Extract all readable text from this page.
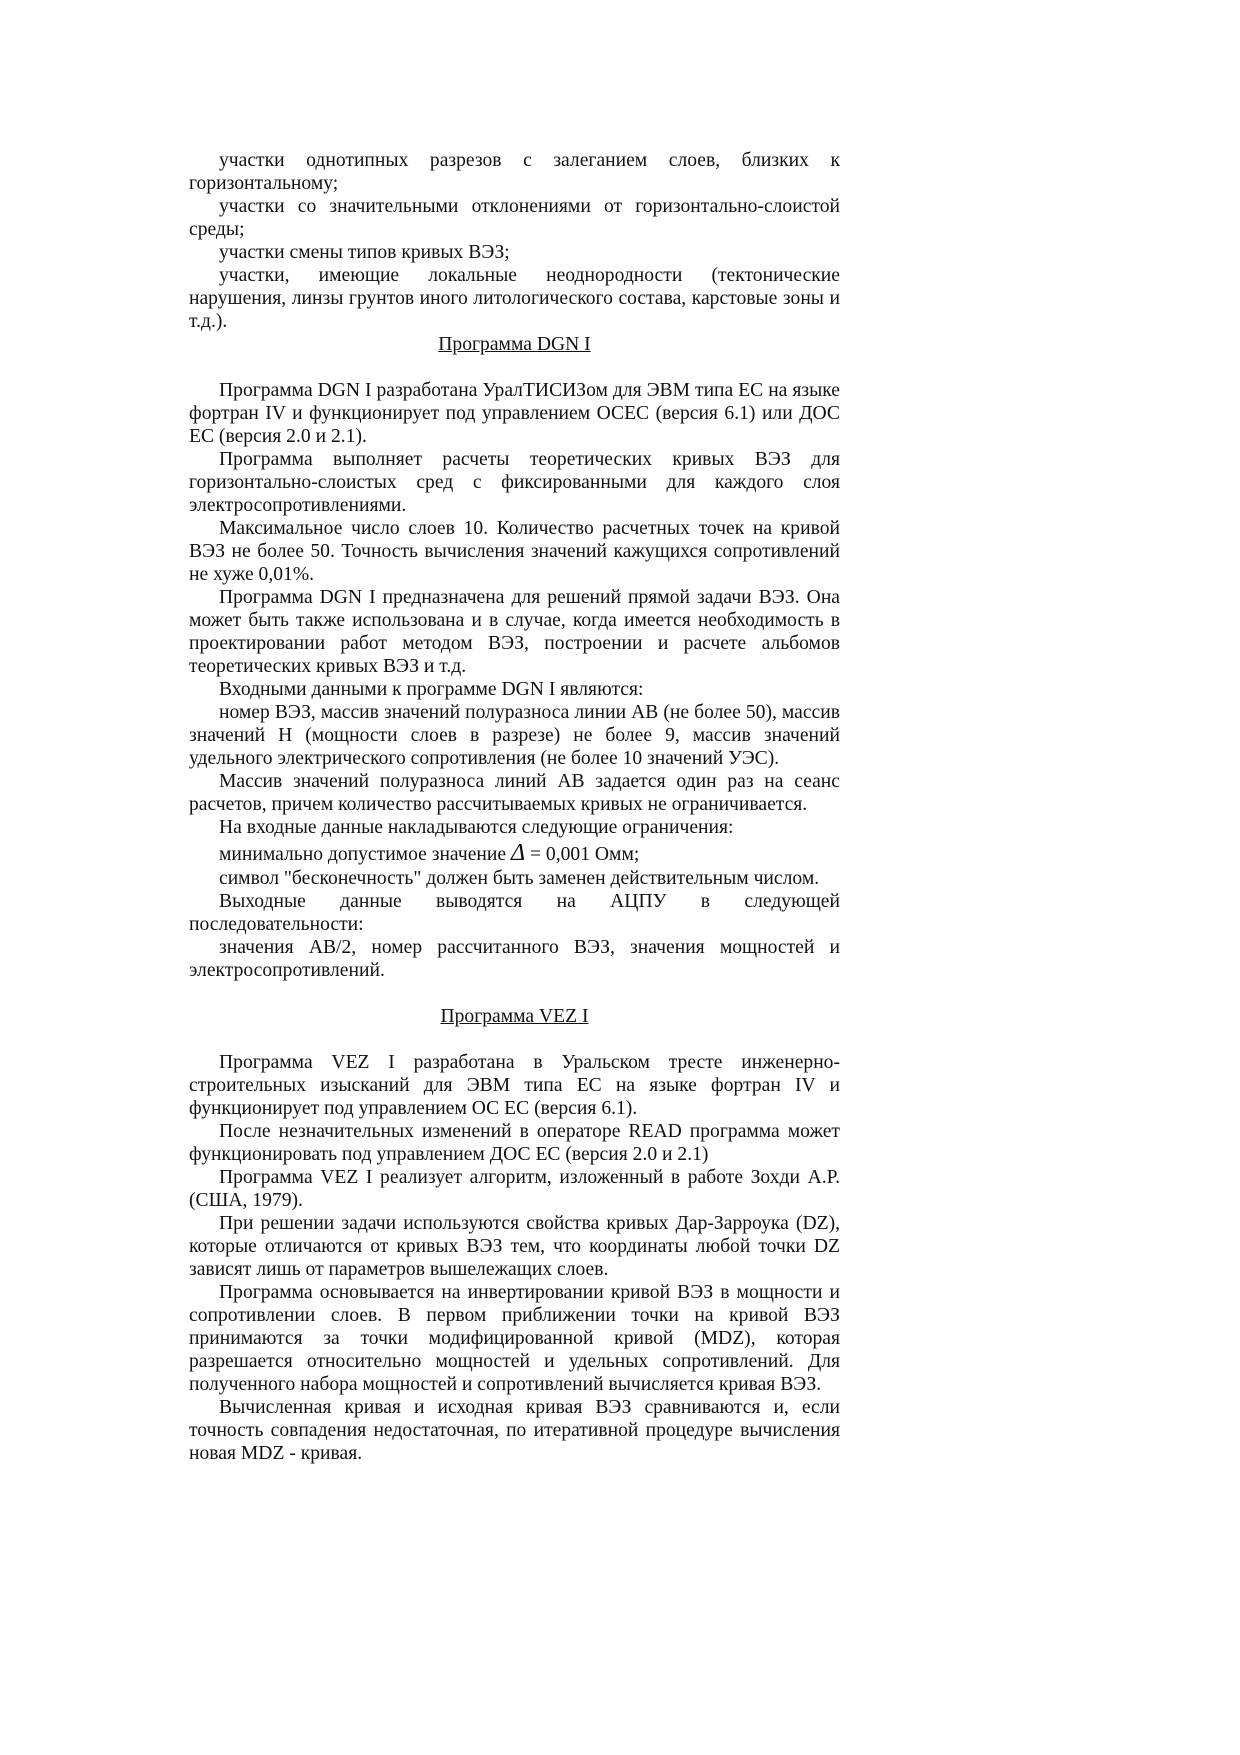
участки однотипных разрезов с залеганием слоев, близких к горизонтальному;

участки со значительными отклонениями от горизонтально-слоистой среды;

участки смены типов кривых ВЭЗ;

участки, имеющие локальные неоднородности (тектонические нарушения, линзы грунтов иного литологического состава, карстовые зоны и т.д.).

Программа DGN I

Программа DGN I разработана УралТИСИЗом для ЭВМ типа ЕС на языке фортран IV и функционирует под управлением ОСЕС (версия 6.1) или ДОС ЕС (версия 2.0 и 2.1).

Программа выполняет расчеты теоретических кривых ВЭЗ для горизонтально-слоистых сред с фиксированными для каждого слоя электросопротивлениями.

Максимальное число слоев 10. Количество расчетных точек на кривой ВЭЗ не более 50. Точность вычисления значений кажущихся сопротивлений не хуже 0,01%.

Программа DGN I предназначена для решений прямой задачи ВЭЗ. Она может быть также использована и в случае, когда имеется необходимость в проектировании работ методом ВЭЗ, построении и расчете альбомов теоретических кривых ВЭЗ и т.д.

Входными данными к программе DGN I являются:

номер ВЭЗ, массив значений полуразноса линии АВ (не более 50), массив значений Н (мощности слоев в разрезе) не более 9, массив значений удельного электрического сопротивления (не более 10 значений УЭС).

Массив значений полуразноса линий АВ задается один раз на сеанс расчетов, причем количество рассчитываемых кривых не ограничивается.

На входные данные накладываются следующие ограничения:

минимально допустимое значение Δ = 0,001 Омм;

символ "бесконечность" должен быть заменен действительным числом.

Выходные данные выводятся на АЦПУ в следующей последовательности:

значения АВ/2, номер рассчитанного ВЭЗ, значения мощностей и электросопротивлений.

Программа VEZ I

Программа VEZ I разработана в Уральском тресте инженерно-строительных изысканий для ЭВМ типа ЕС на языке фортран IV и функционирует под управлением ОС ЕС (версия 6.1).

После незначительных изменений в операторе READ программа может функционировать под управлением ДОС ЕС (версия 2.0 и 2.1)

Программа VEZ I реализует алгоритм, изложенный в работе Зохди А.Р. (США, 1979).

При решении задачи используются свойства кривых Дар-Зарроука (DZ), которые отличаются от кривых ВЭЗ тем, что координаты любой точки DZ зависят лишь от параметров вышележащих слоев.

Программа основывается на инвертировании кривой ВЭЗ в мощности и сопротивлении слоев. В первом приближении точки на кривой ВЭЗ принимаются за точки модифицированной кривой (MDZ), которая разрешается относительно мощностей и удельных сопротивлений. Для полученного набора мощностей и сопротивлений вычисляется кривая ВЭЗ.

Вычисленная кривая и исходная кривая ВЭЗ сравниваются и, если точность совпадения недостаточная, по итеративной процедуре вычисления новая MDZ - кривая.
